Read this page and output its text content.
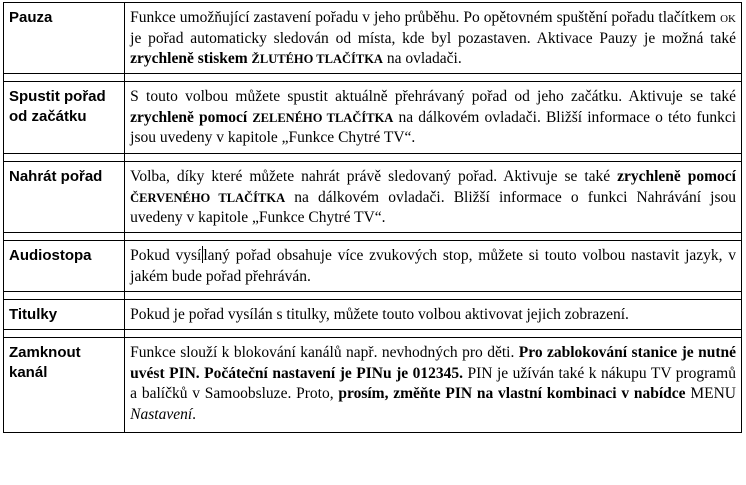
Pauza	Funkce umožňující zastavení pořadu v jeho průběhu. Po opětovném spuštění pořadu tlačítkem ok je pořad automaticky sledován od místa, kde byl pozastaven. Aktivace Pauzy je možná také zrychleně stiskem ŽLUTÉHO TLAČÍTKA na ovladači.

Spustit pořad
od začátku	S touto volbou můžete spustit aktuálně přehrávaný pořad od jeho začátku. Aktivuje se také zrychleně pomocí ZELENÉHO TLAČÍTKA na dálkovém ovladači. Bližší informace o této funkci jsou uvedeny v kapitole „Funkce Chytré TV“.

Nahrát pořad	Volba, díky které můžete nahrát právě sledovaný pořad. Aktivuje se také zrychleně pomocí ČERVENÉHO TLAČÍTKA na dálkovém ovladači. Bližší informace o funkci Nahrávání jsou uvedeny v kapitole „Funkce Chytré TV“.

Audiostopa	Pokud vysí laný pořad obsahuje více zvukových stop, můžete si touto volbou nastavit jazyk, v jakém bude pořad přehráván.

Titulky	Pokud je pořad vysílán s titulky, můžete touto volbou aktivovat jejich zobrazení.

Zamknout
kanál	Funkce slouží k blokování kanálů např. nevhodných pro děti. Pro zablokování stanice je nutné uvést PIN. Počáteční nastavení je PINu je 012345. PIN je užíván také k nákupu TV programů a balíčků v Samoobsluze. Proto, prosím, změňte PIN na vlastní kombinaci v nabídce MENU Nastavení.
